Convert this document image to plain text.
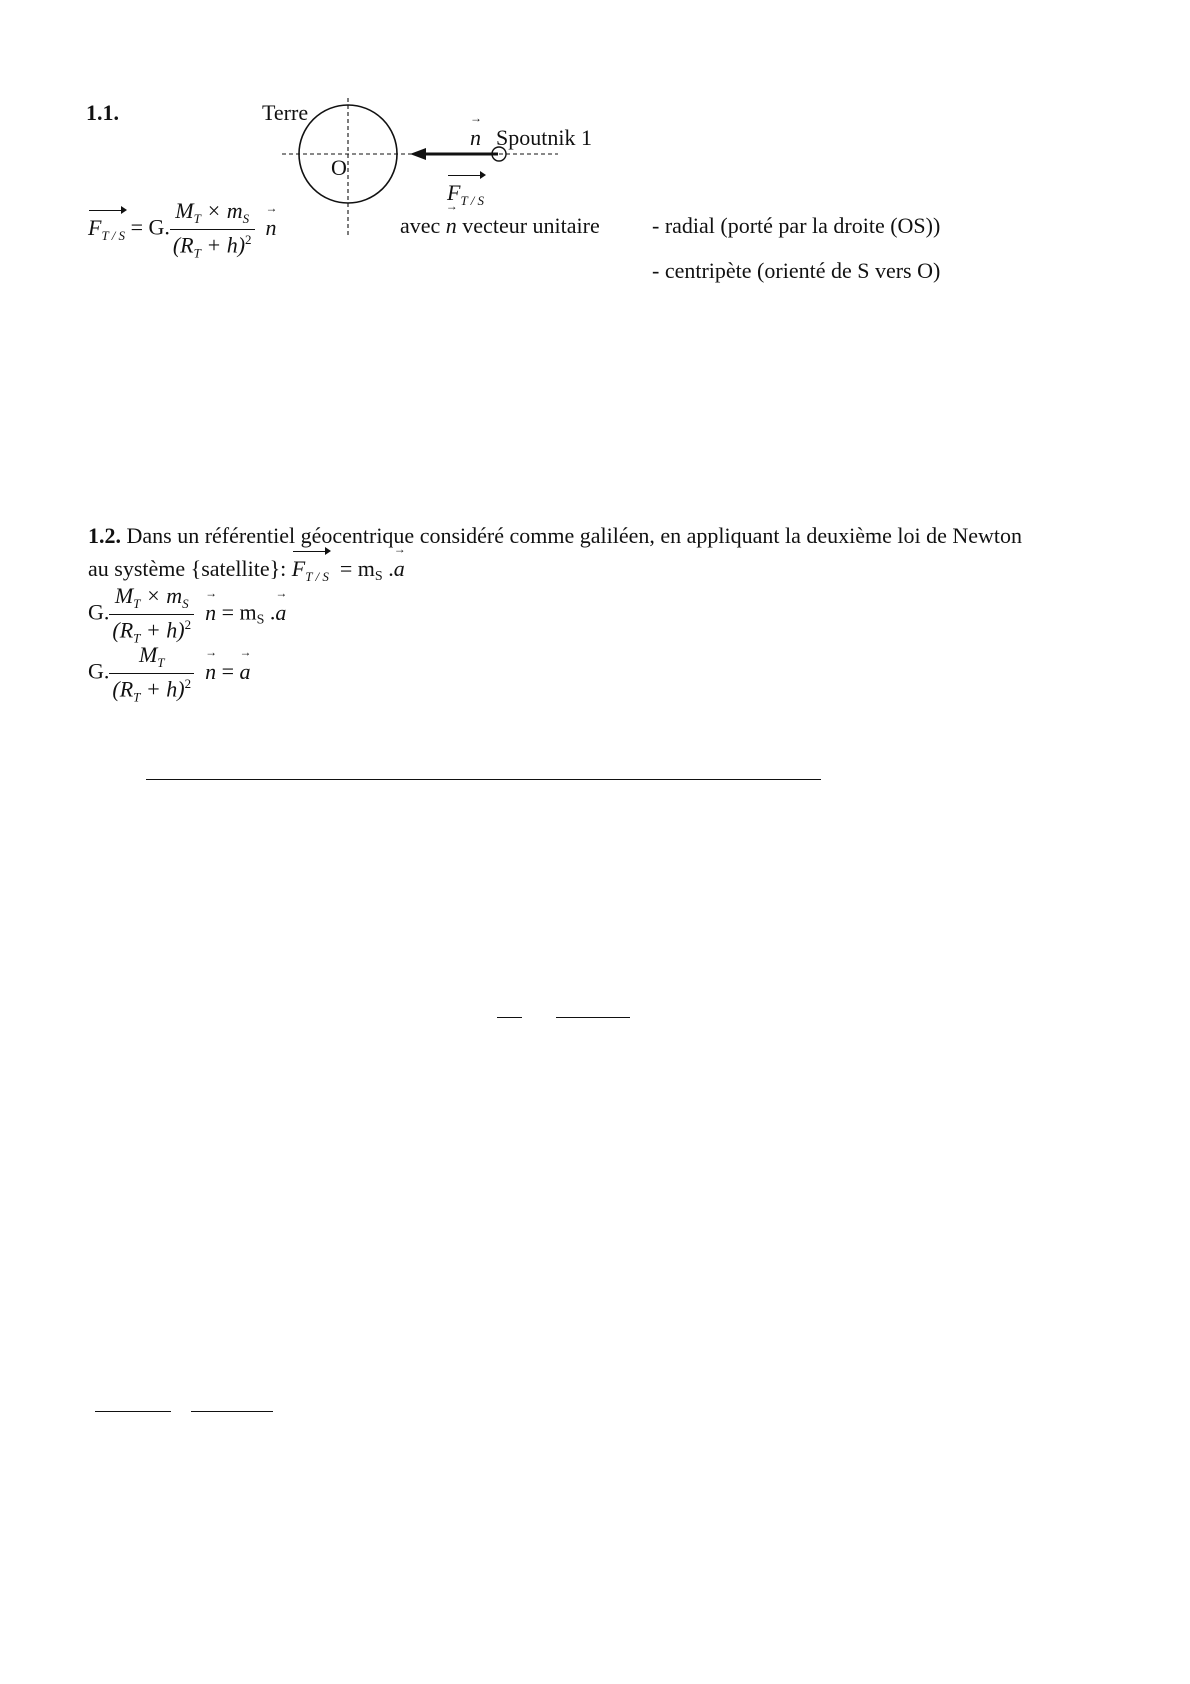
1.1.	Terre
O
→ n Spoutnik 1
$F_{T / S}$
$F_{T / S} = G$. $\frac{M_T \times m_S}{(R_T + h)^2}$
→ n	avec → n vecteur unitaire - radial (porté par la droite (OS))
- centripète (orienté de S vers O)
1.2. Dans un référentiel géocentrique considéré comme galiléen, en appliquant la deuxième loi de Newton
au système {satellite}: $F_{T / S}$ = mS .→ a
G. $\frac{M_T \times m_S}{(R_T + h)^2}$
→ n = mS .→ a
G. $\frac{M_T}{(R_T + h)^2}$
→ n = → a
